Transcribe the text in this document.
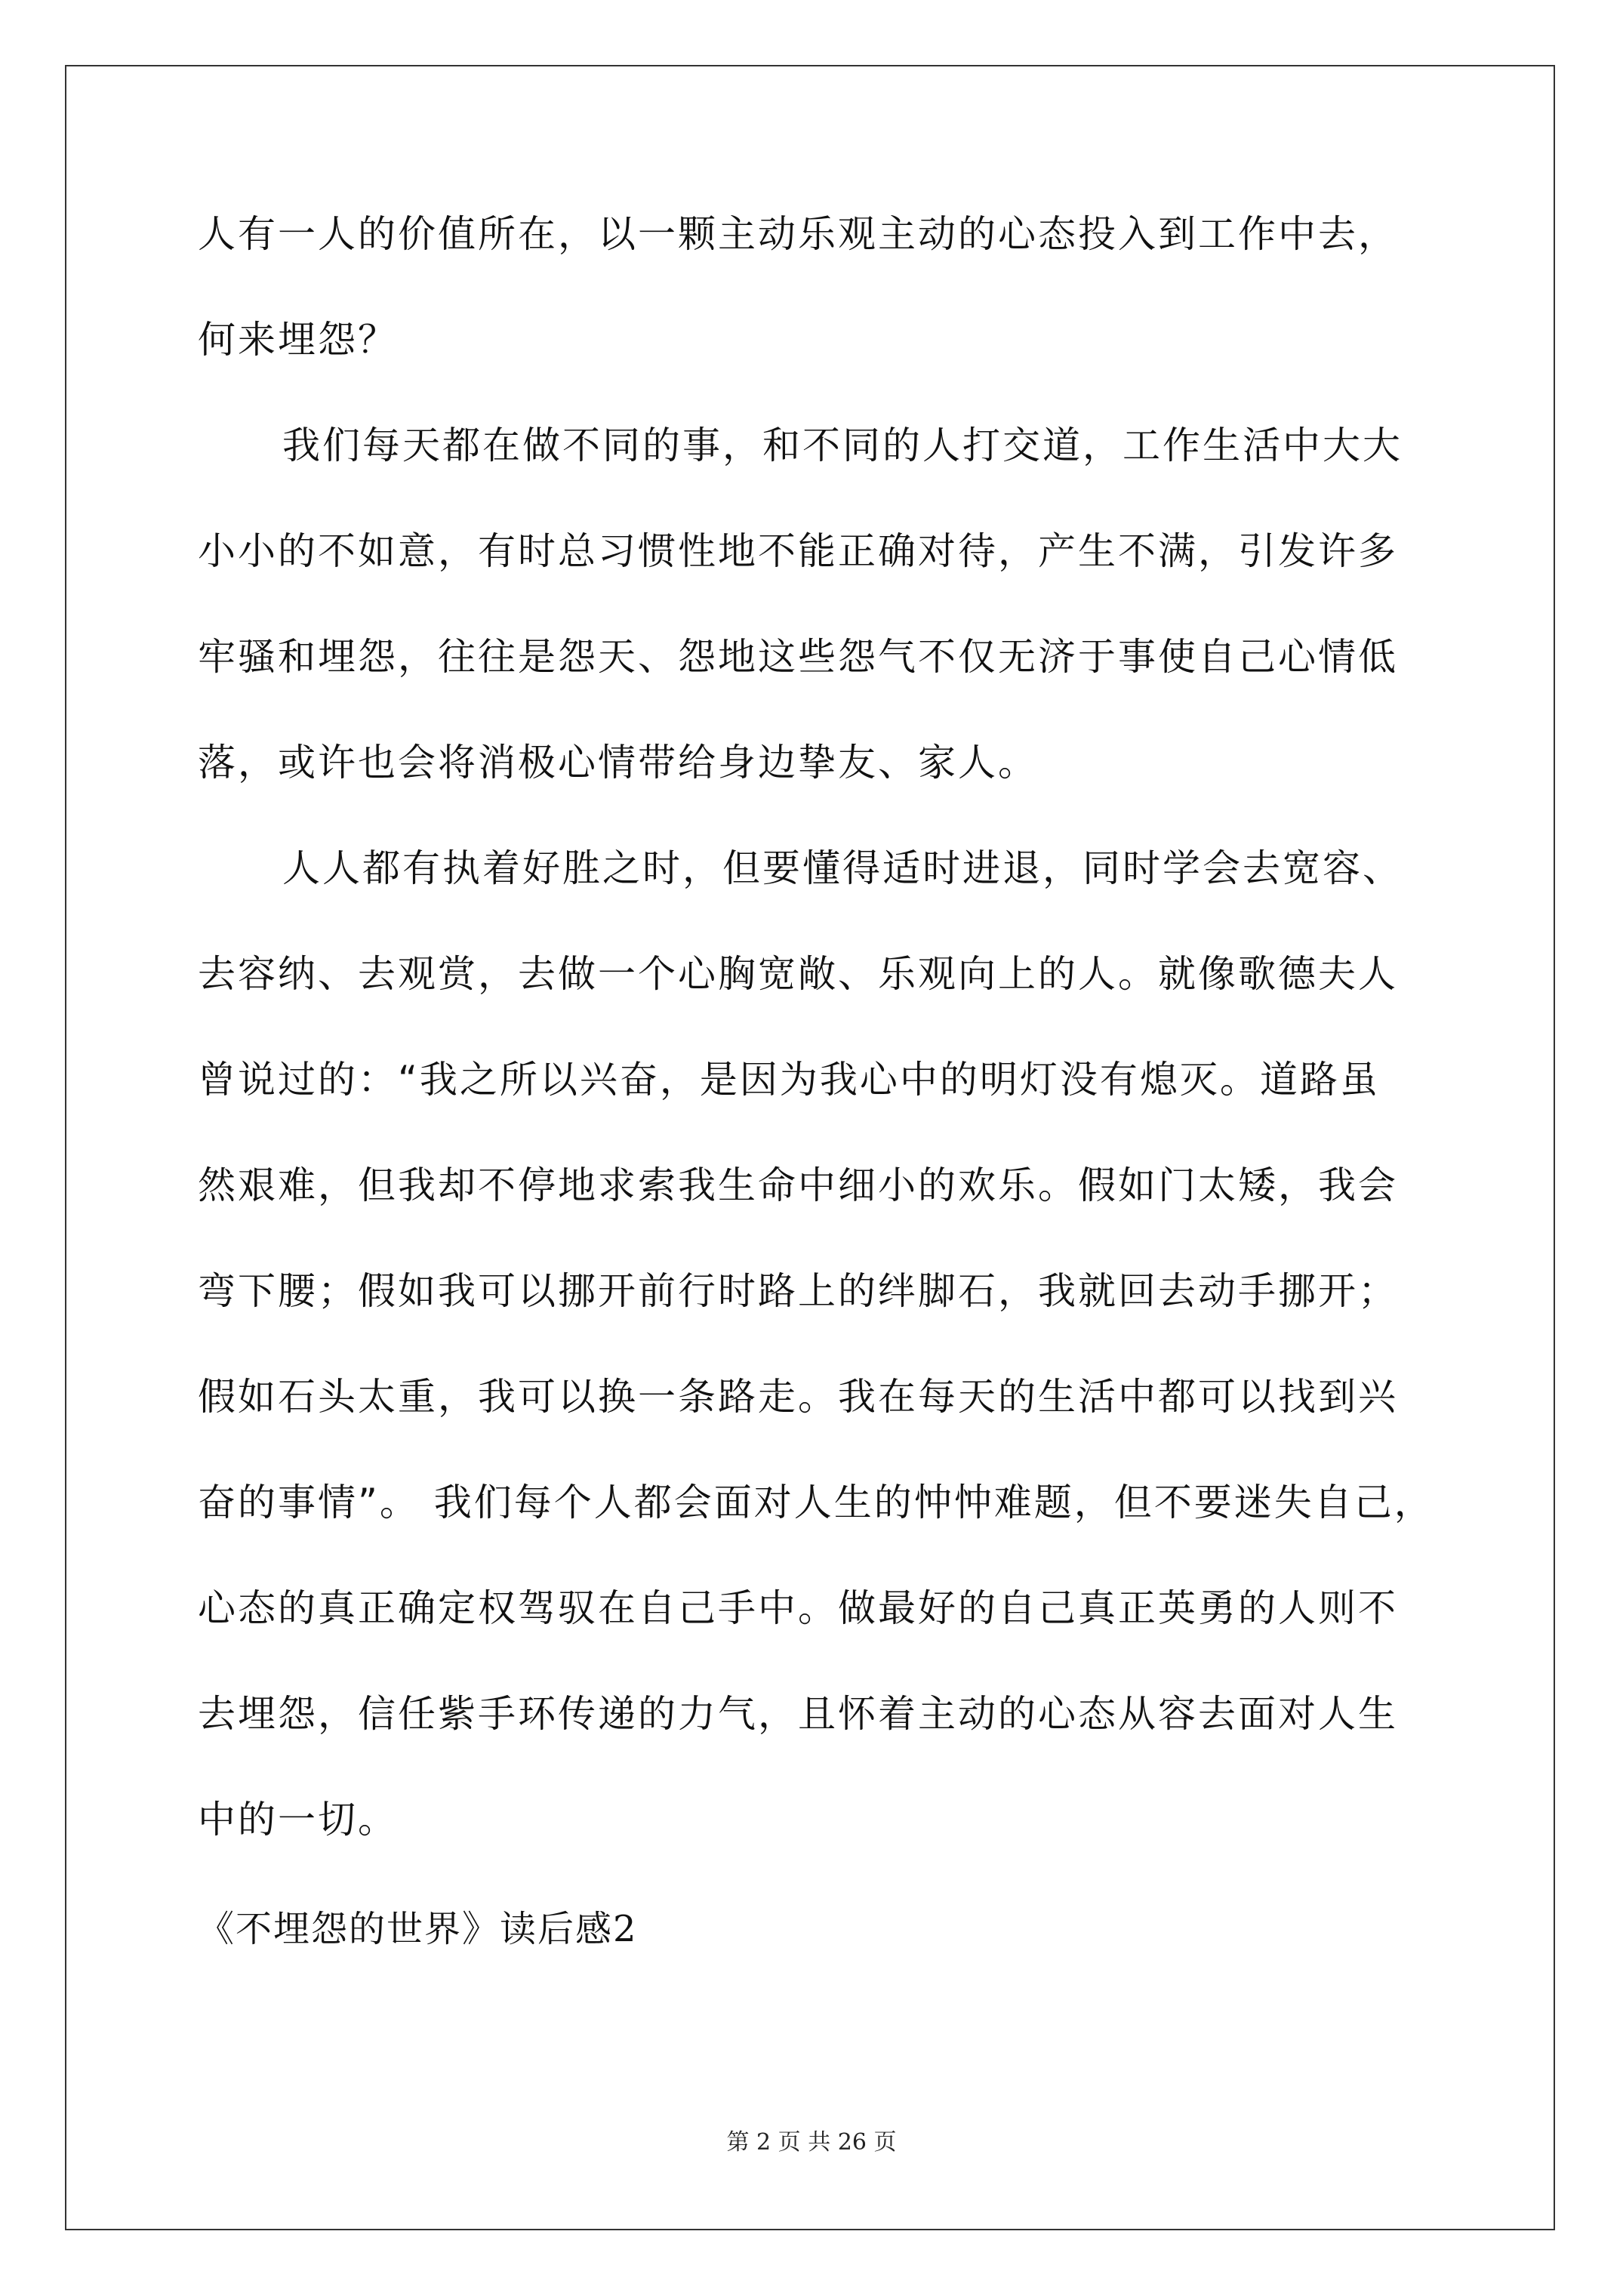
人有一人的价值所在，以一颗主动乐观主动的心态投入到工作中去，
何来埋怨？
我们每天都在做不同的事，和不同的人打交道，工作生活中大大
小小的不如意，有时总习惯性地不能正确对待，产生不满，引发许多
牢骚和埋怨，往往是怨天、怨地这些怨气不仅无济于事使自己心情低
落，或许也会将消极心情带给身边挚友、家人。
人人都有执着好胜之时，但要懂得适时进退，同时学会去宽容、
去容纳、去观赏，去做一个心胸宽敞、乐观向上的人。就像歌德夫人
曾说过的：“我之所以兴奋，是因为我心中的明灯没有熄灭。道路虽
然艰难，但我却不停地求索我生命中细小的欢乐。假如门太矮，我会
弯下腰；假如我可以挪开前行时路上的绊脚石，我就回去动手挪开；
假如石头太重，我可以换一条路走。我在每天的生活中都可以找到兴
奋的事情”。 我们每个人都会面对人生的忡忡难题，但不要迷失自己，
心态的真正确定权驾驭在自己手中。做最好的自己真正英勇的人则不
去埋怨，信任紫手环传递的力气，且怀着主动的心态从容去面对人生
中的一切。
《不埋怨的世界》读后感2
第 2 页 共 26 页
